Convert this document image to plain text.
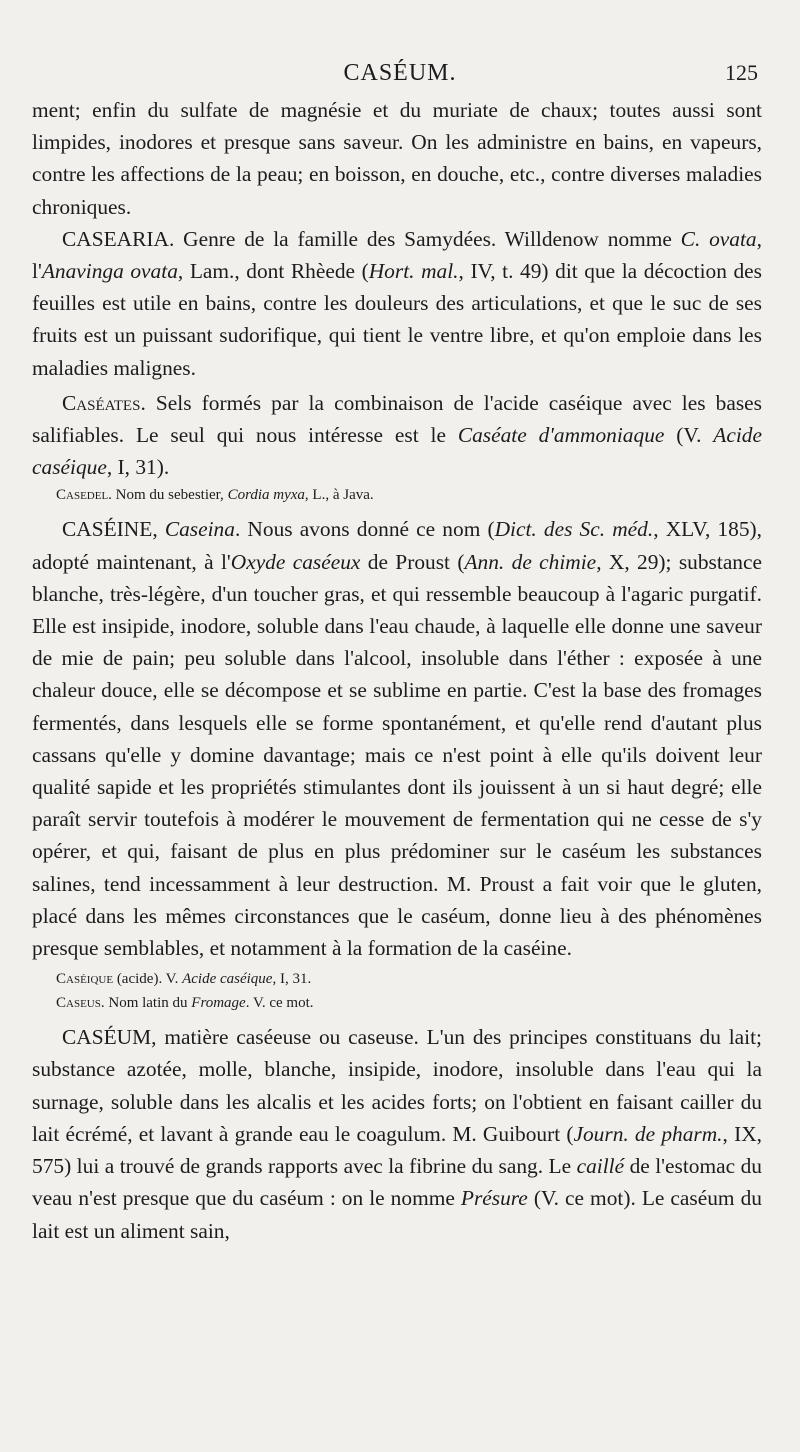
CASÉUM.	125

ment; enfin du sulfate de magnésie et du muriate de chaux; toutes aussi sont limpides, inodores et presque sans saveur. On les administre en bains, en vapeurs, contre les affections de la peau; en boisson, en douche, etc., contre diverses maladies chroniques.

CASEARIA. Genre de la famille des Samydées. Willdenow nomme C. ovata, l'Anavinga ovata, Lam., dont Rhèede (Hort. mal., IV, t. 49) dit que la décoction des feuilles est utile en bains, contre les douleurs des articulations, et que le suc de ses fruits est un puissant sudorifique, qui tient le ventre libre, et qu'on emploie dans les maladies malignes.

Caséates. Sels formés par la combinaison de l'acide caséique avec les bases salifiables. Le seul qui nous intéresse est le Caséate d'ammoniaque (V. Acide caséique, I, 31).

Casedel. Nom du sebestier, Cordia myxa, L., à Java.

CASÉINE, Caseina. Nous avons donné ce nom (Dict. des Sc. méd., XLV, 185), adopté maintenant, à l'Oxyde caséeux de Proust (Ann. de chimie, X, 29); substance blanche, très-légère, d'un toucher gras, et qui ressemble beaucoup à l'agaric purgatif. Elle est insipide, inodore, soluble dans l'eau chaude, à laquelle elle donne une saveur de mie de pain; peu soluble dans l'alcool, insoluble dans l'éther : exposée à une chaleur douce, elle se décompose et se sublime en partie. C'est la base des fromages fermentés, dans lesquels elle se forme spontanément, et qu'elle rend d'autant plus cassans qu'elle y domine davantage; mais ce n'est point à elle qu'ils doivent leur qualité sapide et les propriétés stimulantes dont ils jouissent à un si haut degré; elle paraît servir toutefois à modérer le mouvement de fermentation qui ne cesse de s'y opérer, et qui, faisant de plus en plus prédominer sur le caséum les substances salines, tend incessamment à leur destruction. M. Proust a fait voir que le gluten, placé dans les mêmes circonstances que le caséum, donne lieu à des phénomènes presque semblables, et notamment à la formation de la caséine.

Caséique (acide). V. Acide caséique, I, 31.

Caseus. Nom latin du Fromage. V. ce mot.

CASÉUM, matière caséeuse ou caseuse. L'un des principes constituans du lait; substance azotée, molle, blanche, insipide, inodore, insoluble dans l'eau qui la surnage, soluble dans les alcalis et les acides forts; on l'obtient en faisant cailler du lait écrémé, et lavant à grande eau le coagulum. M. Guibourt (Journ. de pharm., IX, 575) lui a trouvé de grands rapports avec la fibrine du sang. Le caillé de l'estomac du veau n'est presque que du caséum : on le nomme Présure (V. ce mot). Le caséum du lait est un aliment sain,
